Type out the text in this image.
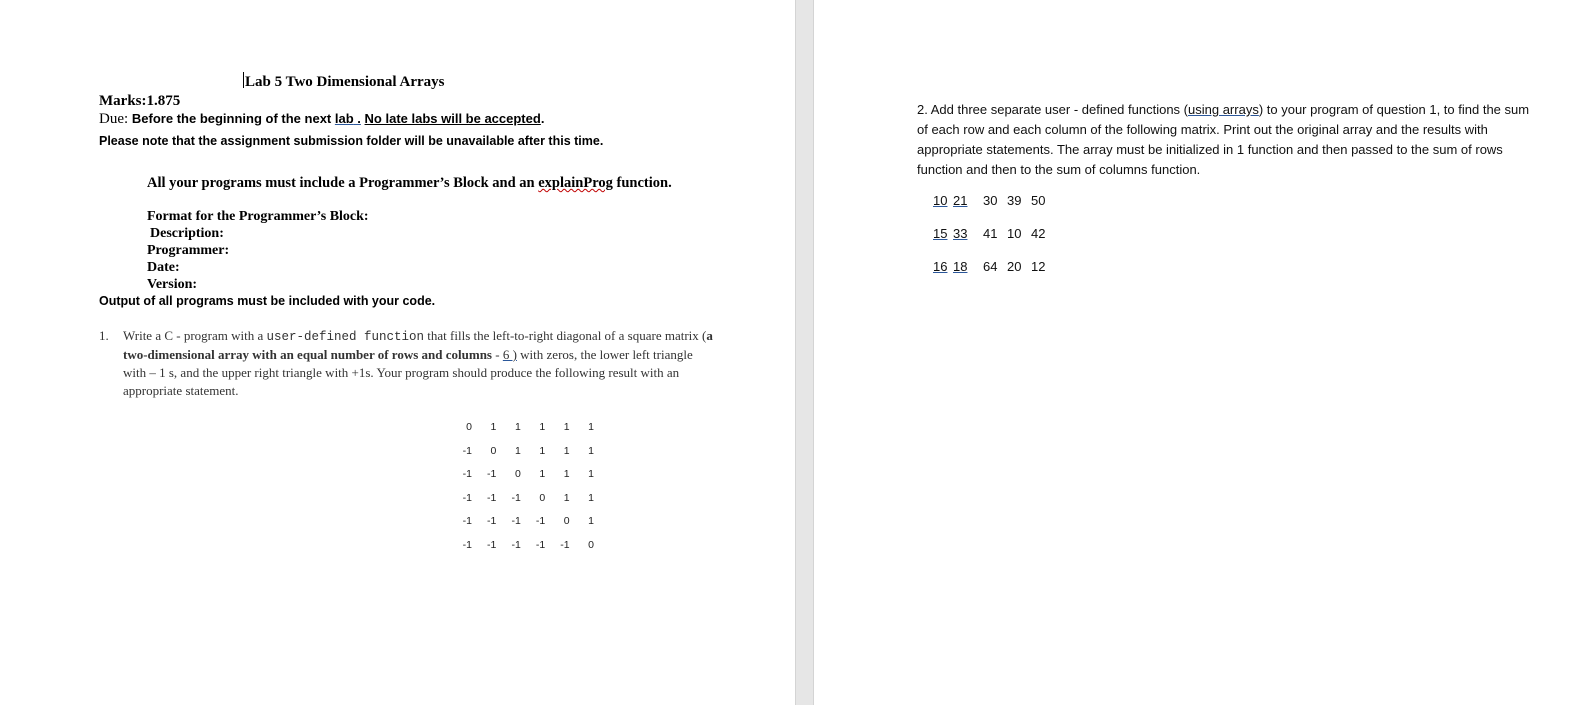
Lab 5 Two Dimensional Arrays
Marks:1.875
Due: Before the beginning of the next lab . No late labs will be accepted.
Please note that the assignment submission folder will be unavailable after this time.
All your programs must include a Programmer’s Block and an explainProg function.
Format for the Programmer’s Block:
Description:
Programmer:
Date:
Version:
Output of all programs must be included with your code.
1. Write a C - program with a user-defined function that fills the left-to-right diagonal of a square matrix (a two-dimensional array with an equal number of rows and columns - 6 ) with zeros, the lower left triangle with – 1 s, and the upper right triangle with +1s. Your program should produce the following result with an appropriate statement.
0	1	1	1	1	1
-1	0	1	1	1	1
-1	-1	0	1	1	1
-1	-1	-1	0	1	1
-1	-1	-1	-1	0	1
-1	-1	-1	-1	-1	0
2. Add three separate user - defined functions (using arrays) to your program of question 1, to find the sum of each row and each column of the following matrix. Print out the original array and the results with appropriate statements. The array must be initialized in 1 function and then passed to the sum of rows function and then to the sum of columns function.
10 21 30 39 50
15 33 41 10 42
16 18 64 20 12
